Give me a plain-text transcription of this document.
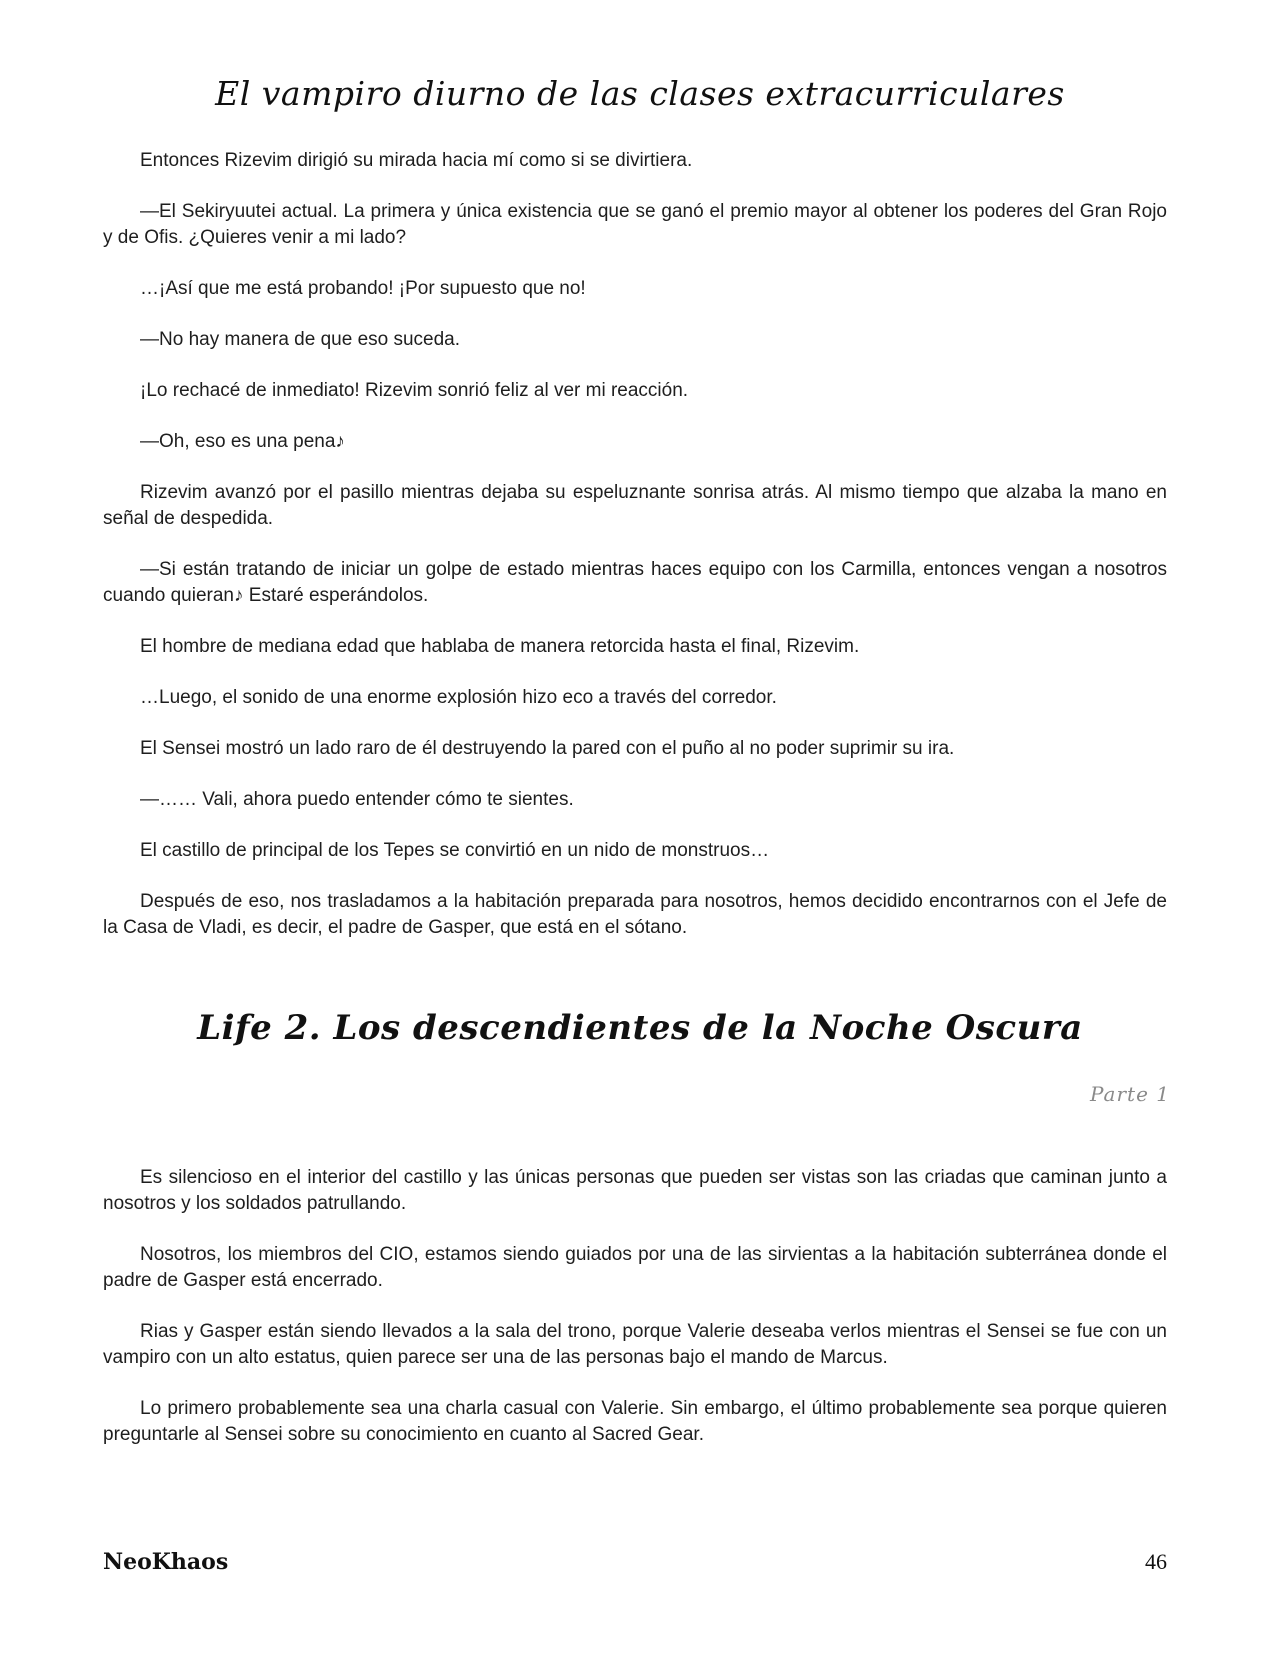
El vampiro diurno de las clases extracurriculares

Entonces Rizevim dirigió su mirada hacia mí como si se divirtiera.

—El Sekiryuutei actual. La primera y única existencia que se ganó el premio mayor al obtener los poderes del Gran Rojo y de Ofis. ¿Quieres venir a mi lado?

…¡Así que me está probando! ¡Por supuesto que no!

—No hay manera de que eso suceda.

¡Lo rechacé de inmediato! Rizevim sonrió feliz al ver mi reacción.

—Oh, eso es una pena♪

Rizevim avanzó por el pasillo mientras dejaba su espeluznante sonrisa atrás. Al mismo tiempo que alzaba la mano en señal de despedida.

—Si están tratando de iniciar un golpe de estado mientras haces equipo con los Carmilla, entonces vengan a nosotros cuando quieran♪ Estaré esperándolos.

El hombre de mediana edad que hablaba de manera retorcida hasta el final, Rizevim.

…Luego, el sonido de una enorme explosión hizo eco a través del corredor.

El Sensei mostró un lado raro de él destruyendo la pared con el puño al no poder suprimir su ira.

—…… Vali, ahora puedo entender cómo te sientes.

El castillo de principal de los Tepes se convirtió en un nido de monstruos…

Después de eso, nos trasladamos a la habitación preparada para nosotros, hemos decidido encontrarnos con el Jefe de la Casa de Vladi, es decir, el padre de Gasper, que está en el sótano.

Life 2. Los descendientes de la Noche Oscura
Parte 1

Es silencioso en el interior del castillo y las únicas personas que pueden ser vistas son las criadas que caminan junto a nosotros y los soldados patrullando.

Nosotros, los miembros del CIO, estamos siendo guiados por una de las sirvientas a la habitación subterránea donde el padre de Gasper está encerrado.

Rias y Gasper están siendo llevados a la sala del trono, porque Valerie deseaba verlos mientras el Sensei se fue con un vampiro con un alto estatus, quien parece ser una de las personas bajo el mando de Marcus.

Lo primero probablemente sea una charla casual con Valerie. Sin embargo, el último probablemente sea porque quieren preguntarle al Sensei sobre su conocimiento en cuanto al Sacred Gear.

NeoKhaos	46
